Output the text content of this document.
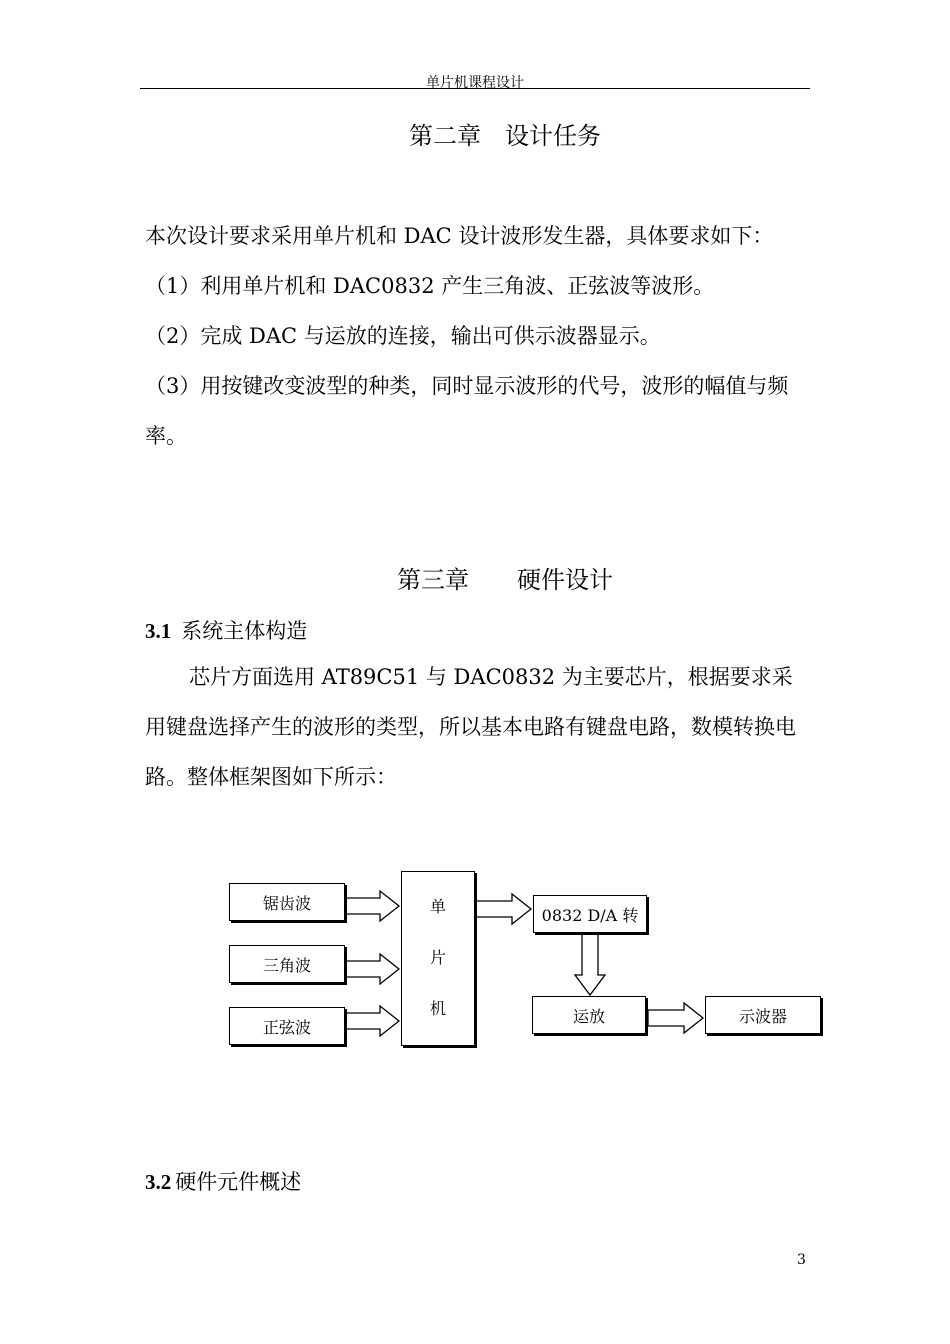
单片机课程设计
第二章　设计任务
本次设计要求采用单片机和 DAC 设计波形发生器，具体要求如下：
（1）利用单片机和 DAC0832 产生三角波、正弦波等波形。
（2）完成 DAC 与运放的连接，输出可供示波器显示。
（3）用按键改变波型的种类，同时显示波形的代号，波形的幅值与频率。
第三章　　硬件设计
3.1 系统主体构造
芯片方面选用 AT89C51 与 DAC0832 为主要芯片，根据要求采用键盘选择产生的波形的类型，所以基本电路有键盘电路，数模转换电路。整体框架图如下所示：
锯齿波
三角波
正弦波
单
片
机
0832 D/A 转
运放	示波器
3.2 硬件元件概述
3
